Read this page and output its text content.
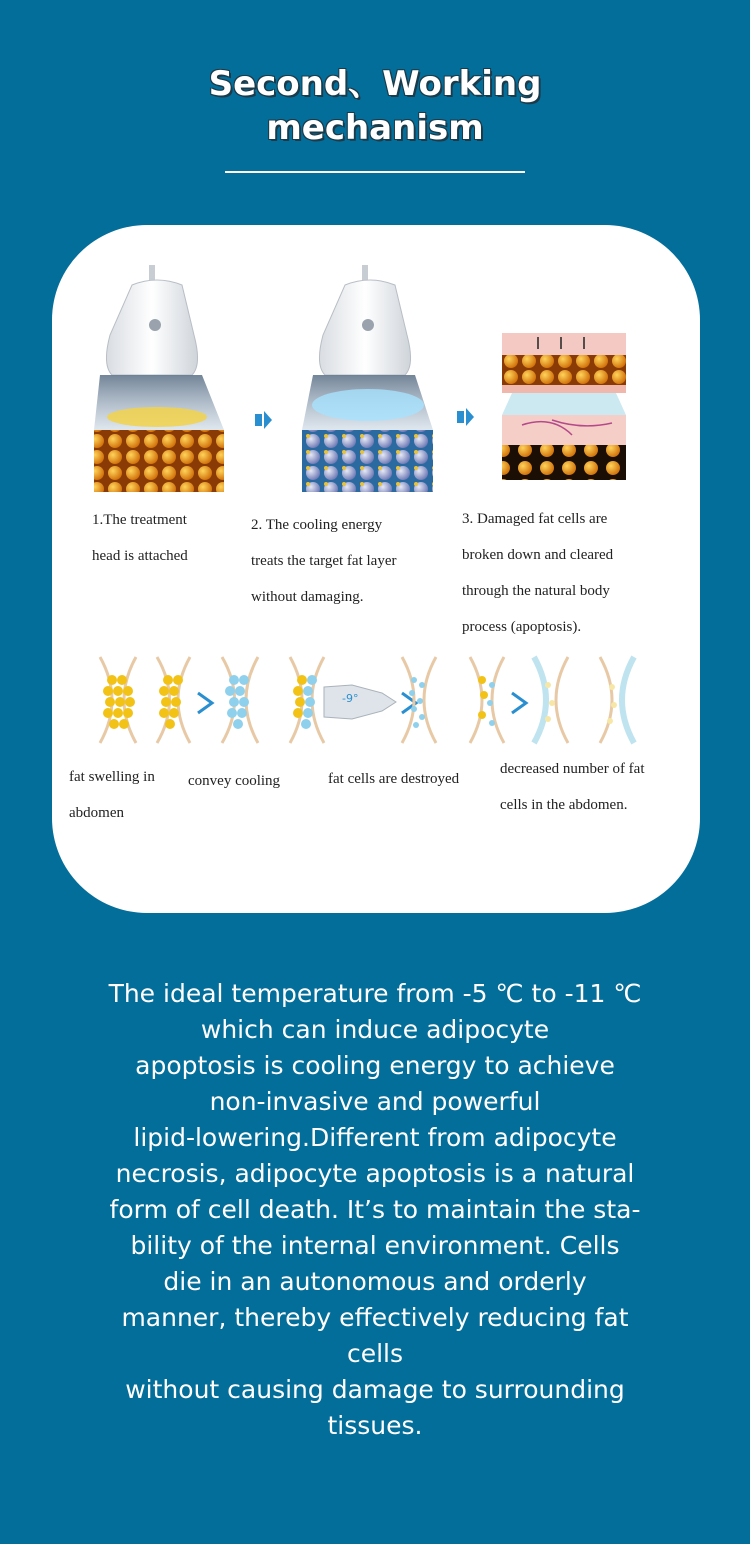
Second、Working
mechanism
-9°
1.The treatment
head is attached
2. The cooling energy
treats the target fat layer
without damaging.
3. Damaged fat cells are
broken down and cleared
through the natural body
process (apoptosis).
fat swelling in
abdomen
convey cooling	fat cells are destroyed
decreased number of fat
cells in the abdomen.
The ideal temperature from -5 ℃ to -11 ℃
which can induce adipocyte
apoptosis is cooling energy to achieve
non-invasive and powerful
lipid-lowering.Different from adipocyte
necrosis, adipocyte apoptosis is a natural
form of cell death. It’s to maintain the sta-
bility of the internal environment. Cells
die in an autonomous and orderly
manner, thereby effectively reducing fat
cells
without causing damage to surrounding
tissues.
